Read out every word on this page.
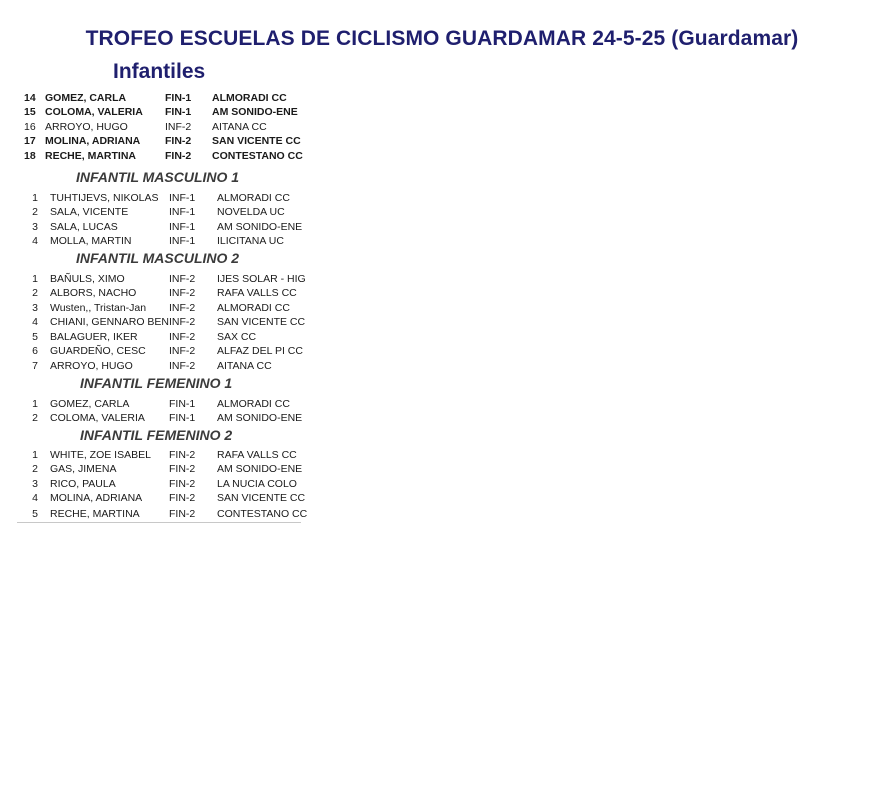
TROFEO ESCUELAS DE CICLISMO GUARDAMAR 24-5-25 (Guardamar)
Infantiles
14 GOMEZ, CARLA	FIN-1 ALMORADI CC
15 COLOMA, VALERIA FIN-1 AM SONIDO-ENE
16 ARROYO, HUGO	INF-2 AITANA CC
17 MOLINA, ADRIANA FIN-2 SAN VICENTE CC
18 RECHE, MARTINA	FIN-2 CONTESTANO CC
INFANTIL MASCULINO 1
1 TUHTIJEVS, NIKOLAS INF-1 ALMORADI CC
2 SALA, VICENTE	INF-1 NOVELDA UC
3 SALA, LUCAS	INF-1 AM SONIDO-ENE
4 MOLLA, MARTIN	INF-1 ILICITANA UC
INFANTIL MASCULINO 2
1 BAÑULS, XIMO	INF-2 IJES SOLAR - HIG
2 ALBORS, NACHO	INF-2 RAFA VALLS CC
3 Wusten,, Tristan-Jan INF-2 ALMORADI CC
4 CHIANI, GENNARO BEN INF-2 SAN VICENTE CC
5 BALAGUER, IKER	INF-2 SAX CC
6 GUARDEÑO, CESC INF-2 ALFAZ DEL PI CC
7 ARROYO, HUGO	INF-2 AITANA CC
INFANTIL FEMENINO 1
1 GOMEZ, CARLA	FIN-1 ALMORADI CC
2 COLOMA, VALERIA FIN-1 AM SONIDO-ENE
INFANTIL FEMENINO 2
1 WHITE, ZOE ISABEL FIN-2 RAFA VALLS CC
2 GAS, JIMENA	FIN-2 AM SONIDO-ENE
3 RICO, PAULA	FIN-2 LA NUCIA COLO
4 MOLINA, ADRIANA	FIN-2 SAN VICENTE CC
5 RECHE, MARTINA	FIN-2 CONTESTANO CC
